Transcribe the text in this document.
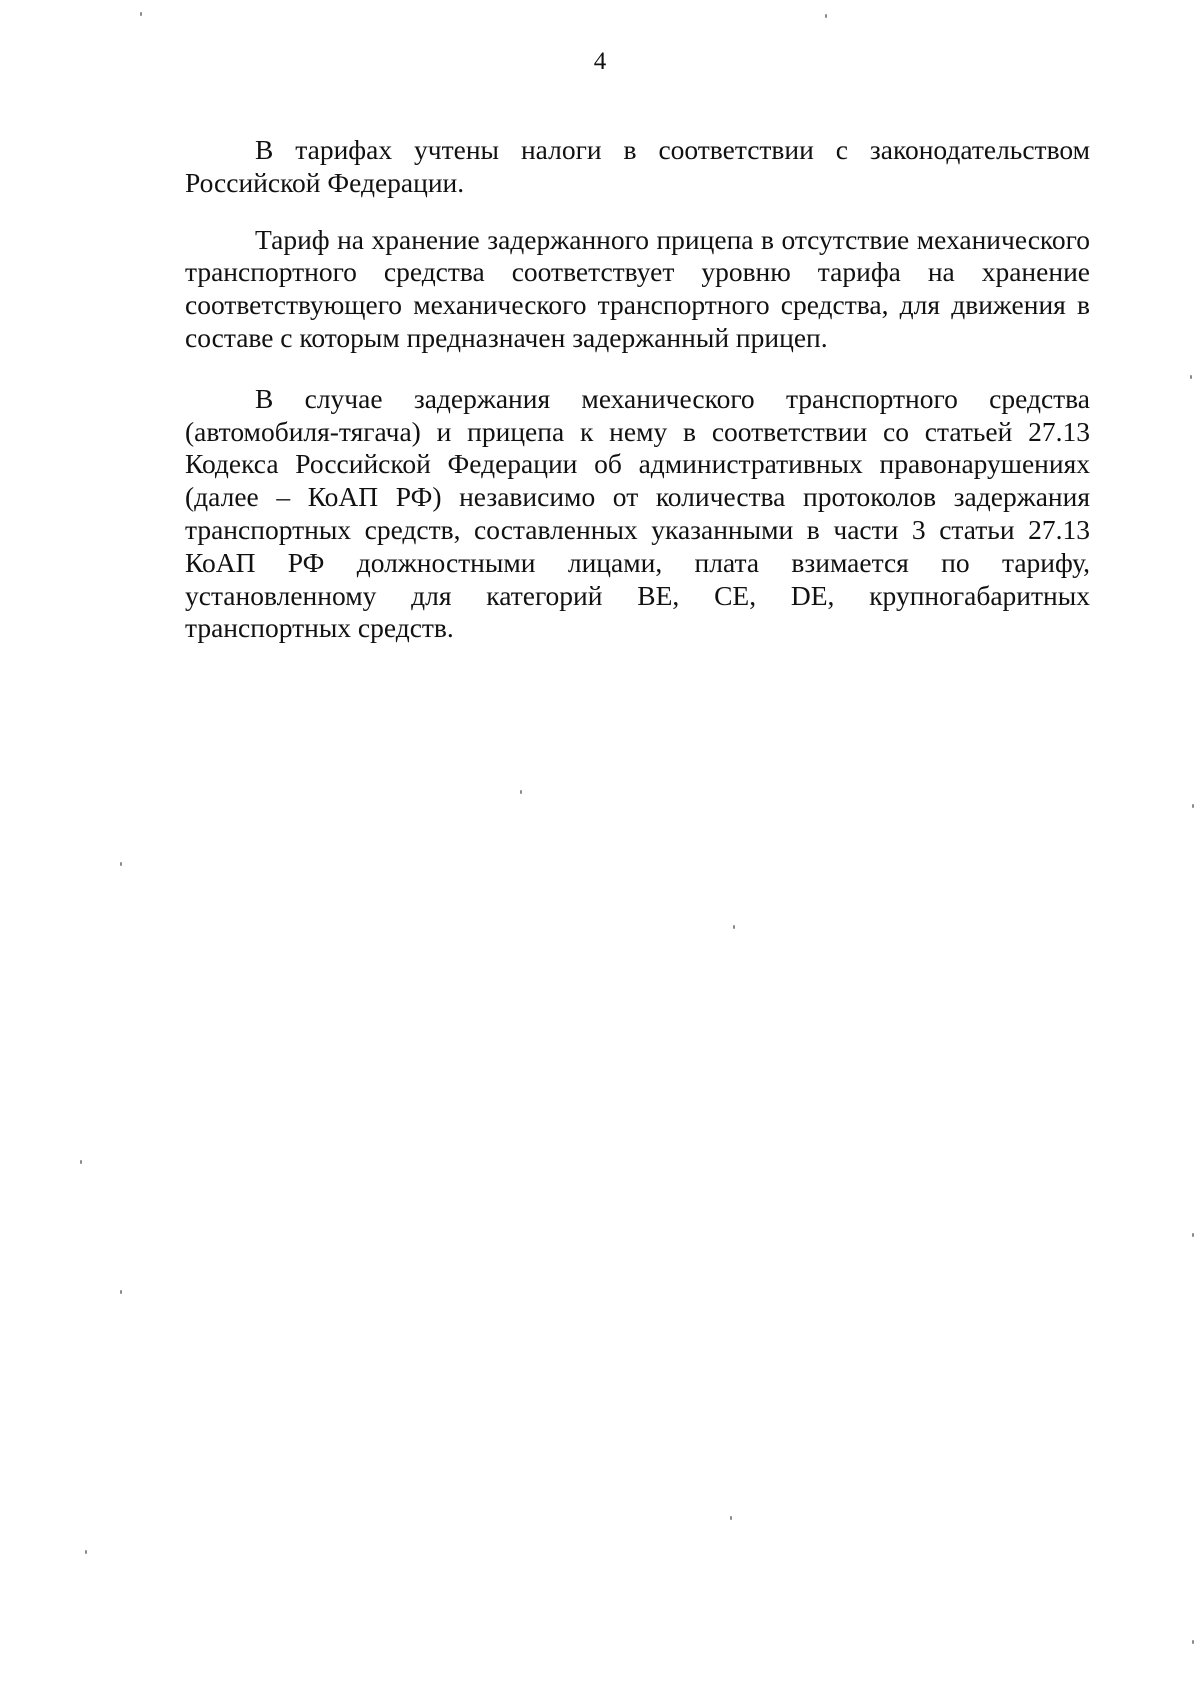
4

В тарифах учтены налоги в соответствии с законодательством Российской Федерации.

Тариф на хранение задержанного прицепа в отсутствие механического транспортного средства соответствует уровню тарифа на хранение соответствующего механического транспортного средства, для движения в составе с которым предназначен задержанный прицеп.

В случае задержания механического транспортного средства (автомобиля-тягача) и прицепа к нему в соответствии со статьей 27.13 Кодекса Российской Федерации об административных правонарушениях (далее – КоАП РФ) независимо от количества протоколов задержания транспортных средств, составленных указанными в части 3 статьи 27.13 КоАП РФ должностными лицами, плата взимается по тарифу, установленному для категорий BE, CE, DE, крупногабаритных транспортных средств.
